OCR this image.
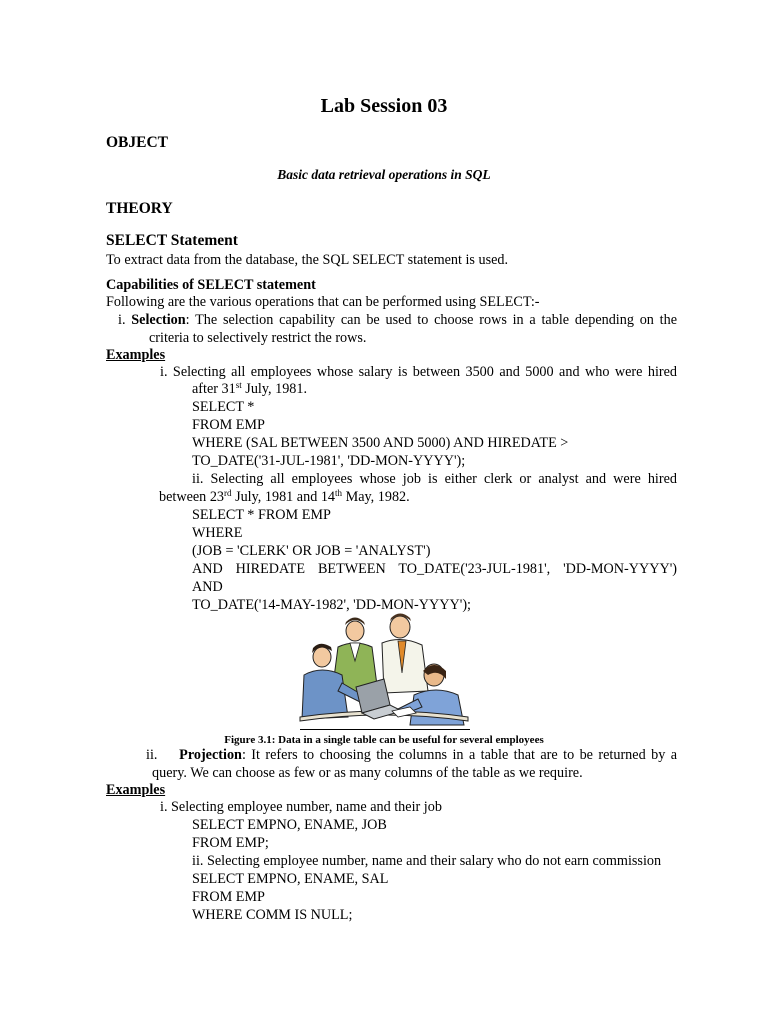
Lab Session 03
OBJECT
Basic data retrieval operations in SQL
THEORY
SELECT Statement
To extract data from the database, the SQL SELECT statement is used.
Capabilities of SELECT statement
Following are the various operations that can be performed using SELECT:-
i. Selection: The selection capability can be used to choose rows in a table depending on the
criteria to selectively restrict the rows.
Examples
i. Selecting all employees whose salary is between 3500 and 5000 and who were hired
after 31st July, 1981.
SELECT *
FROM EMP
WHERE (SAL BETWEEN 3500 AND 5000) AND HIREDATE >
TO_DATE('31-JUL-1981', 'DD-MON-YYYY');
ii. Selecting all employees whose job is either clerk or analyst and were hired
between 23rd July, 1981 and 14th May, 1982.
SELECT * FROM EMP
WHERE
(JOB = 'CLERK' OR JOB = 'ANALYST')
AND HIREDATE BETWEEN TO_DATE('23-JUL-1981', 'DD-MON-YYYY')
AND
TO_DATE('14-MAY-1982', 'DD-MON-YYYY');
Figure 3.1: Data in a single table can be useful for several employees
ii. Projection: It refers to choosing the columns in a table that are to be returned by a
query. We can choose as few or as many columns of the table as we require.
Examples
i. Selecting employee number, name and their job
SELECT EMPNO, ENAME, JOB
FROM EMP;
ii. Selecting employee number, name and their salary who do not earn commission
SELECT EMPNO, ENAME, SAL
FROM EMP
WHERE COMM IS NULL;
